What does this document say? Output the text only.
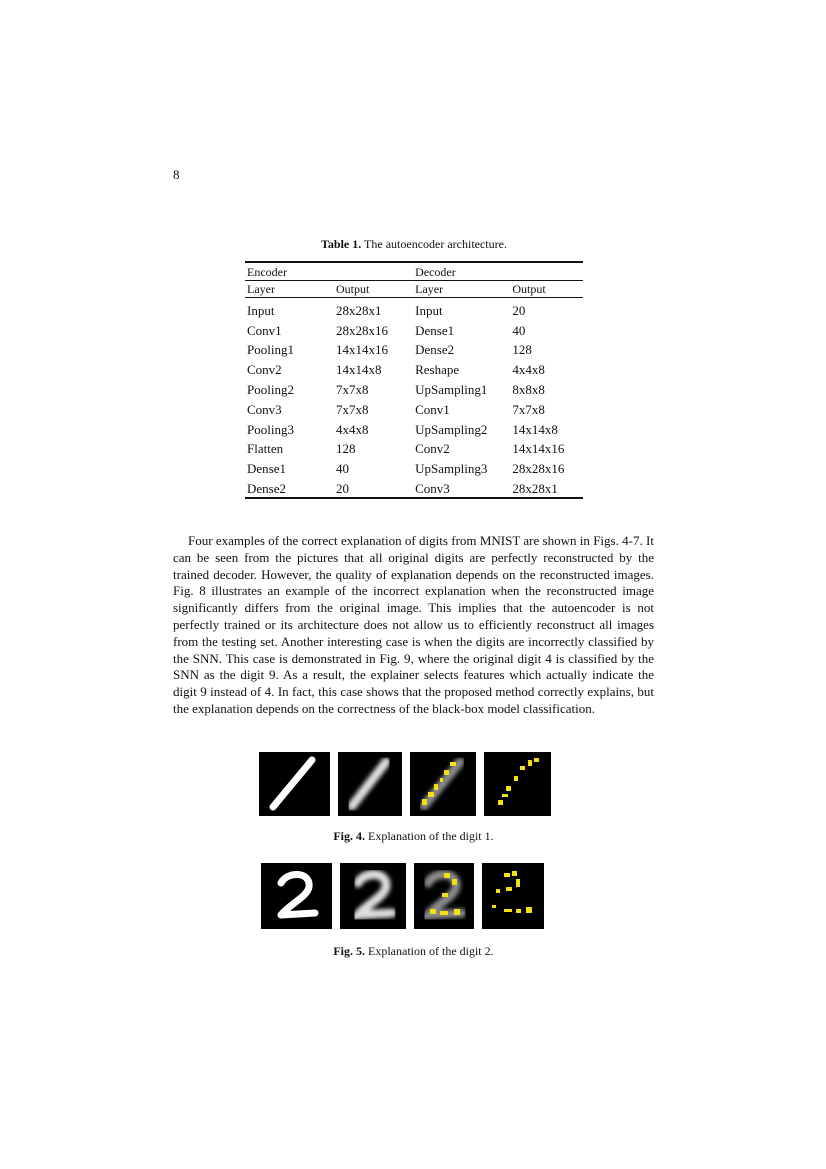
8
Table 1. The autoencoder architecture.
Encoder		Decoder	
Layer	Output	Layer	Output
Input	28x28x1	Input	20
Conv1	28x28x16	Dense1	40
Pooling1	14x14x16	Dense2	128
Conv2	14x14x8	Reshape	4x4x8
Pooling2	7x7x8	UpSampling1	8x8x8
Conv3	7x7x8	Conv1	7x7x8
Pooling3	4x4x8	UpSampling2	14x14x8
Flatten	128	Conv2	14x14x16
Dense1	40	UpSampling3	28x28x16
Dense2	20	Conv3	28x28x1

Four examples of the correct explanation of digits from MNIST are shown in Figs. 4-7. It can be seen from the pictures that all original digits are perfectly reconstructed by the trained decoder. However, the quality of explanation depends on the reconstructed images. Fig. 8 illustrates an example of the incorrect explanation when the reconstructed image significantly differs from the original image. This implies that the autoencoder is not perfectly trained or its architecture does not allow us to efficiently reconstruct all images from the testing set. Another interesting case is when the digits are incorrectly classified by the SNN. This case is demonstrated in Fig. 9, where the original digit 4 is classified by the SNN as the digit 9. As a result, the explainer selects features which actually indicate the digit 9 instead of 4. In fact, this case shows that the proposed method correctly explains, but the explanation depends on the correctness of the black-box model classification.

Fig. 4. Explanation of the digit 1.
Fig. 5. Explanation of the digit 2.
